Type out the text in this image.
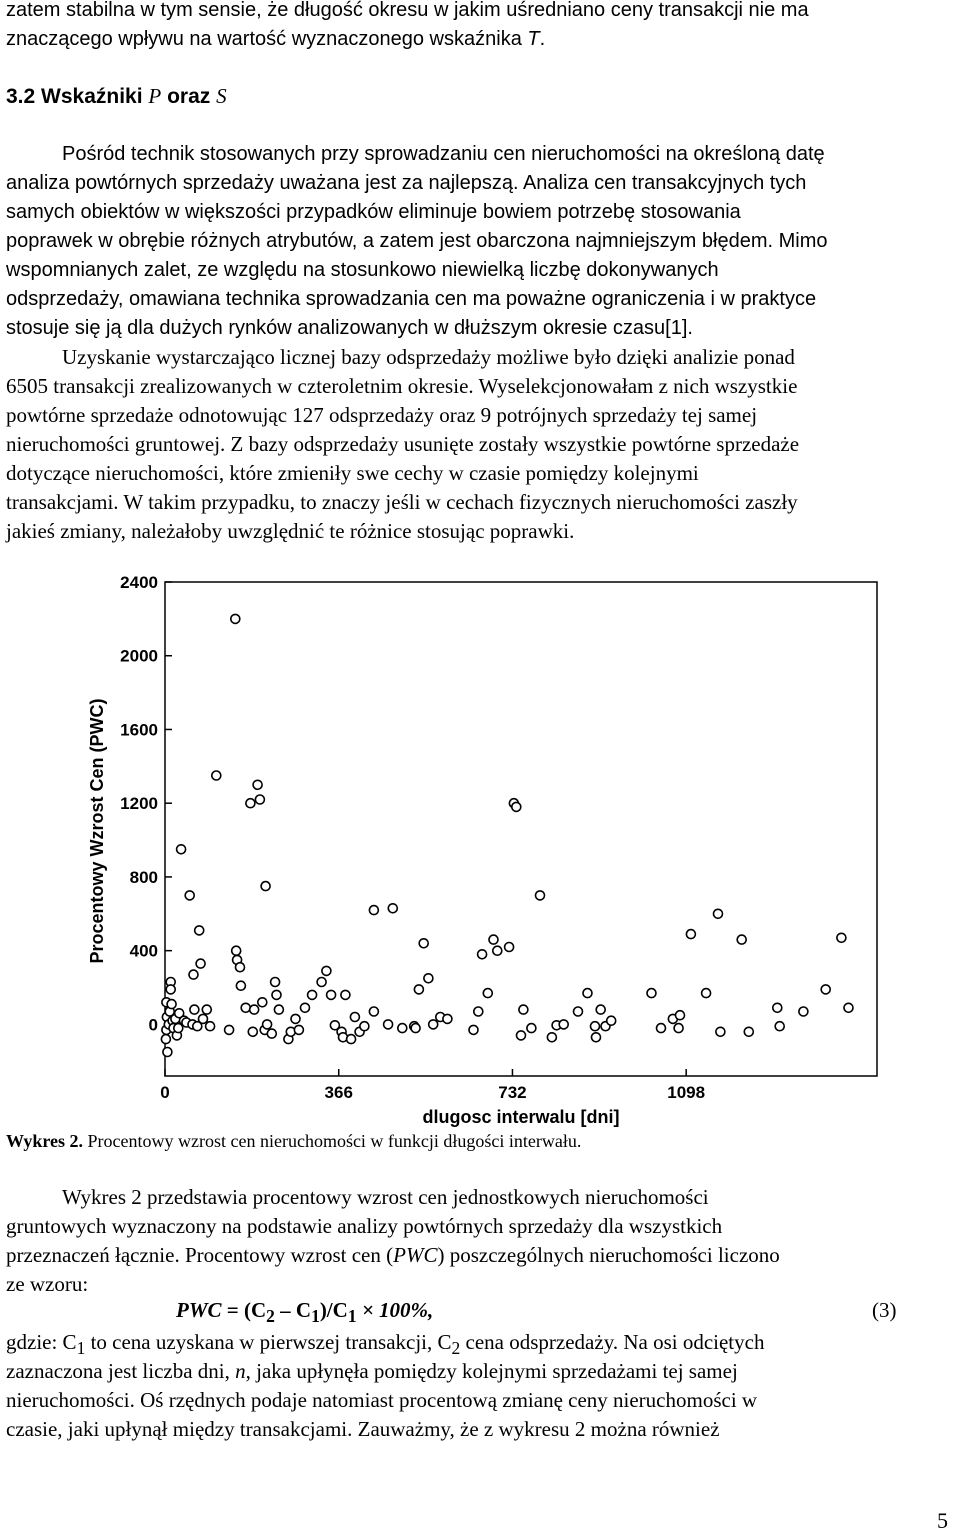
zatem stabilna w tym sensie, że długość okresu w jakim uśredniano ceny transakcji nie ma
znaczącego wpływu na wartość wyznaczonego wskaźnika T.
3.2 Wskaźniki P oraz S
Pośród technik stosowanych przy sprowadzaniu cen nieruchomości na określoną datę
analiza powtórnych sprzedaży uważana jest za najlepszą. Analiza cen transakcyjnych tych
samych obiektów w większości przypadków eliminuje bowiem potrzebę stosowania
poprawek w obrębie różnych atrybutów, a zatem jest obarczona najmniejszym błędem. Mimo
wspomnianych zalet, ze względu na stosunkowo niewielką liczbę dokonywanych
odsprzedaży, omawiana technika sprowadzania cen ma poważne ograniczenia i w praktyce
stosuje się ją dla dużych rynków analizowanych w dłuższym okresie czasu[1].
Uzyskanie wystarczająco licznej bazy odsprzedaży możliwe było dzięki analizie ponad
6505 transakcji zrealizowanych w czteroletnim okresie. Wyselekcjonowałam z nich wszystkie
powtórne sprzedaże odnotowując 127 odsprzedaży oraz 9 potrójnych sprzedaży tej samej
nieruchomości gruntowej. Z bazy odsprzedaży usunięte zostały wszystkie powtórne sprzedaże
dotyczące nieruchomości, które zmieniły swe cechy w czasie pomiędzy kolejnymi
transakcjami. W takim przypadku, to znaczy jeśli w cechach fizycznych nieruchomości zaszły
jakieś zmiany, należałoby uwzględnić te różnice stosując poprawki.
0
400
800
1200
1600
2000
2400
0	366	732	1098
dlugosc interwalu [dni]
Procentowy Wzrost Cen (PWC)
Wykres 2. Procentowy wzrost cen nieruchomości w funkcji długości interwału.
Wykres 2 przedstawia procentowy wzrost cen jednostkowych nieruchomości
gruntowych wyznaczony na podstawie analizy powtórnych sprzedaży dla wszystkich
przeznaczeń łącznie. Procentowy wzrost cen (PWC) poszczególnych nieruchomości liczono
ze wzoru:
PWC = $(C_2 - C_1)/C_1 \times 100\%$,	(3)
gdzie: $C_1$ to cena uzyskana w pierwszej transakcji, $C_2$ cena odsprzedaży. Na osi odciętych
zaznaczona jest liczba dni, n, jaka upłynęła pomiędzy kolejnymi sprzedażami tej samej
nieruchomości. Oś rzędnych podaje natomiast procentową zmianę ceny nieruchomości w
czasie, jaki upłynął między transakcjami. Zauważmy, że z wykresu 2 można również
5
